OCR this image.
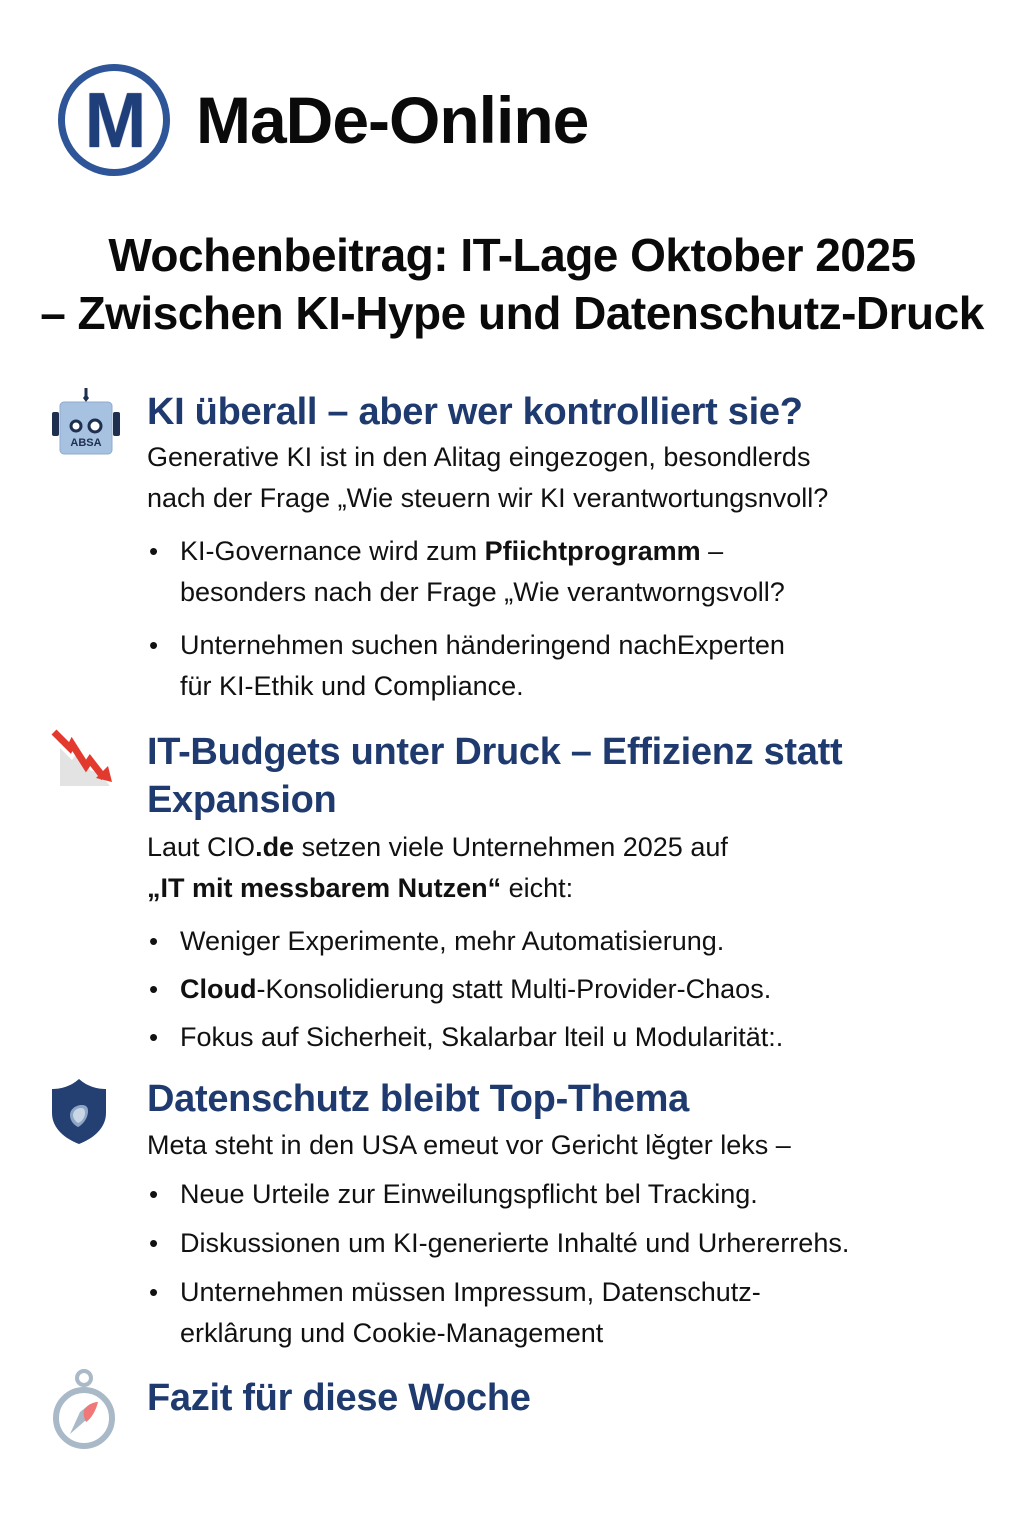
M MaDe-Online
Wochenbeitrag: IT-Lage Oktober 2025
– Zwischen KI-Hype und Datenschutz-Druck
ABSA
KI überall – aber wer kontrolliert sie?
Generative KI ist in den Alitag eingezogen, besondlerds
nach der Frage „Wie steuern wir KI verantwortungsnvoll?
• KI-Governance wird zum Pfiichtprogramm –
besonders nach der Frage „Wie verantworngsvoll?
• Unternehmen suchen händeringend nachExperten
für KI-Ethik und Compliance.
IT-Budgets unter Druck – Effizienz statt
Expansion
Laut CIO.de setzen viele Unternehmen 2025 auf
„IT mit messbarem Nutzen“ eicht:
• Weniger Experimente, mehr Automatisierung.
• Cloud-Konsolidierung statt Multi-Provider-Chaos.
• Fokus auf Sicherheit, Skalarbar lteil u Modularität:.
Datenschutz bleibt Top-Thema
Meta steht in den USA emeut vor Gericht lĕgter leks –
• Neue Urteile zur Einweilungspflicht bel Tracking.
• Diskussionen um KI-generierte Inhalté und Urhererrehs.
• Unternehmen müssen Impressum, Datenschutz-
erklârung und Cookie-Management
Fazit für diese Woche
